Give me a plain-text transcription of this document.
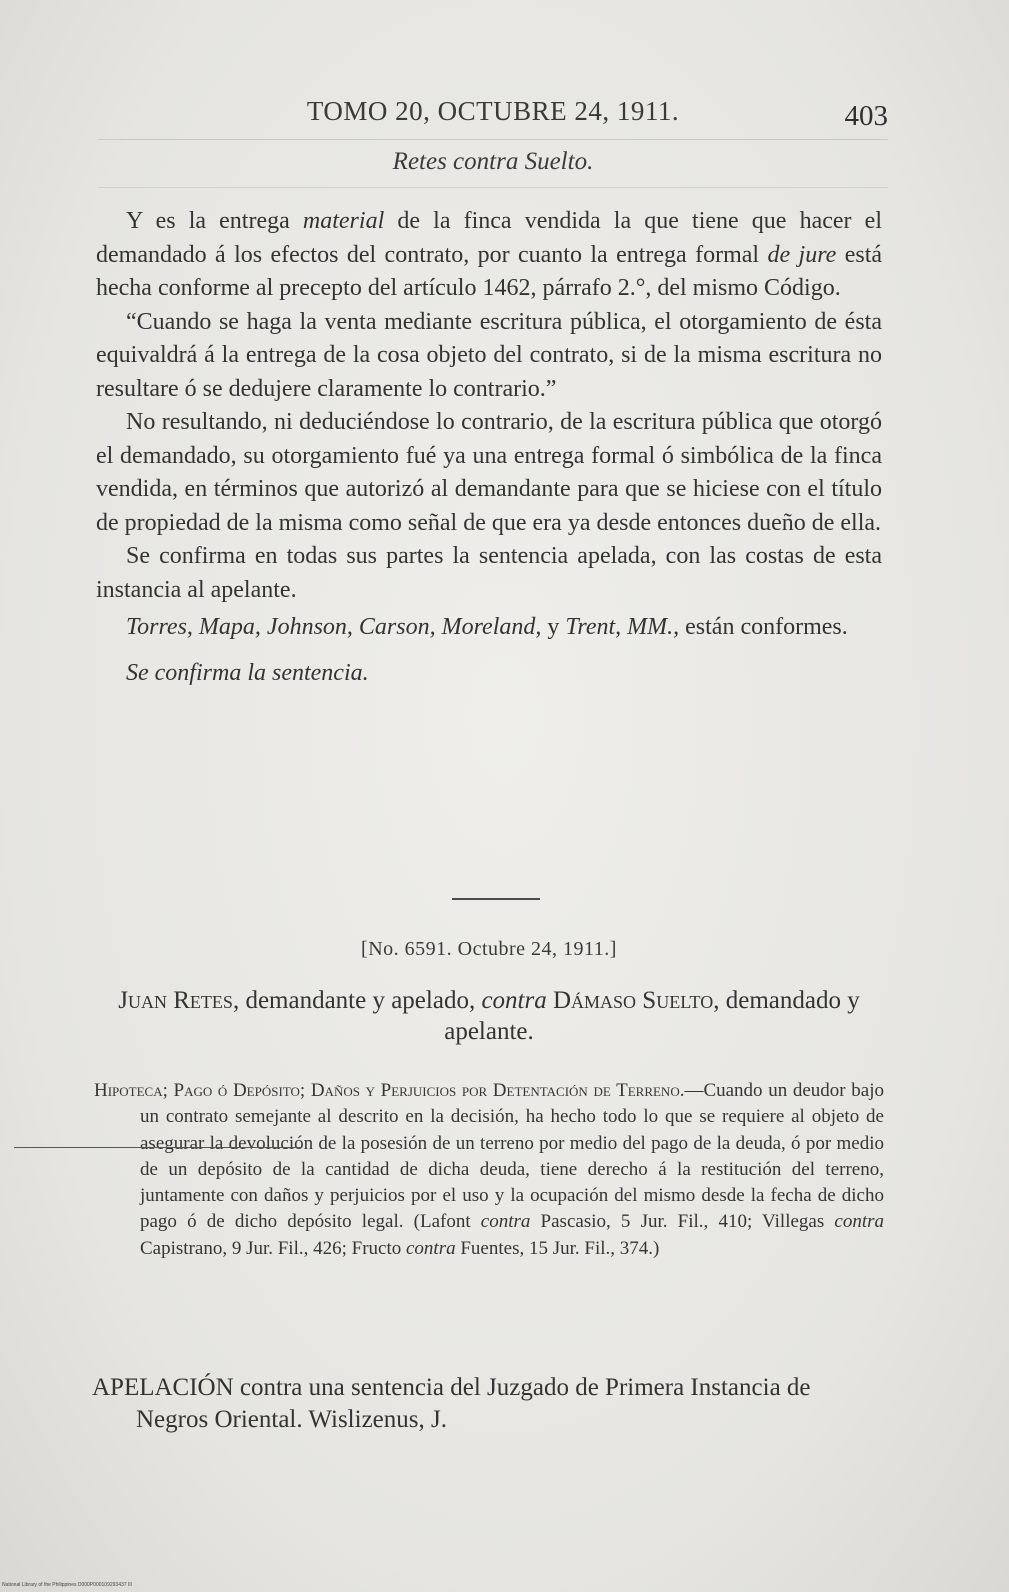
TOMO 20, OCTUBRE 24, 1911.	403
Retes contra Suelto.

Y es la entrega material de la finca vendida la que tiene que hacer el demandado á los efectos del contrato, por cuanto la entrega formal de jure está hecha conforme al precepto del artículo 1462, párrafo 2.°, del mismo Código.

“Cuando se haga la venta mediante escritura pública, el otorgamiento de ésta equivaldrá á la entrega de la cosa objeto del contrato, si de la misma escritura no resultare ó se dedujere claramente lo contrario.”

No resultando, ni deduciéndose lo contrario, de la escritura pública que otorgó el demandado, su otorgamiento fué ya una entrega formal ó simbólica de la finca vendida, en términos que autorizó al demandante para que se hiciese con el título de propiedad de la misma como señal de que era ya desde entonces dueño de ella.

Se confirma en todas sus partes la sentencia apelada, con las costas de esta instancia al apelante.

Torres, Mapa, Johnson, Carson, Moreland, y Trent, MM., están conformes.

Se confirma la sentencia.

[No. 6591. Octubre 24, 1911.]
Juan Retes, demandante y apelado, contra Dámaso Suelto, demandado y apelante.

Hipoteca; Pago ó Depósito; Daños y Perjuicios por Detentación de Terreno.—Cuando un deudor bajo un contrato semejante al descrito en la decisión, ha hecho todo lo que se requiere al objeto de asegurar la devolución de la posesión de un terreno por medio del pago de la deuda, ó por medio de un depósito de la cantidad de dicha deuda, tiene derecho á la restitución del terreno, juntamente con daños y perjuicios por el uso y la ocupación del mismo desde la fecha de dicho pago ó de dicho depósito legal. (Lafont contra Pascasio, 5 Jur. Fil., 410; Villegas contra Capistrano, 9 Jur. Fil., 426; Fructo contra Fuentes, 15 Jur. Fil., 374.)

APELACIÓN contra una sentencia del Juzgado de Primera Instancia de Negros Oriental. Wislizenus, J.

National Library of the Philippines D000P000109293437 III
